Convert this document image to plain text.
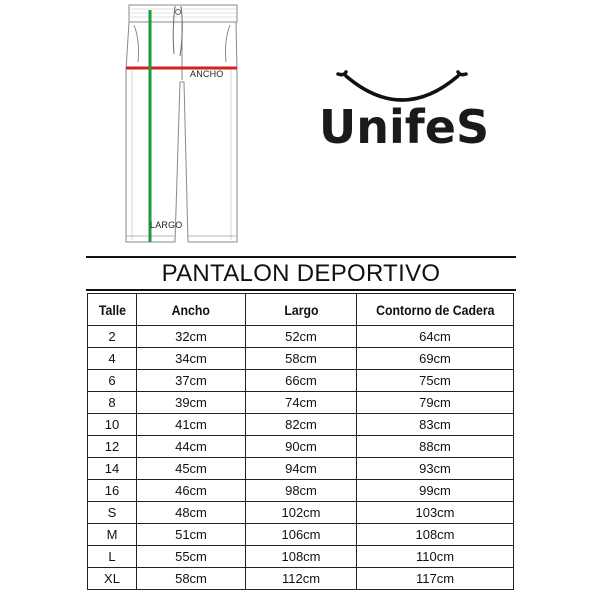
ANCHO
LARGO
UnifeS
PANTALON DEPORTIVO
Talle	Ancho	Largo	Contorno de Cadera
2	32cm	52cm	64cm
4	34cm	58cm	69cm
6	37cm	66cm	75cm
8	39cm	74cm	79cm
10	41cm	82cm	83cm
12	44cm	90cm	88cm
14	45cm	94cm	93cm
16	46cm	98cm	99cm
S	48cm	102cm	103cm
M	51cm	106cm	108cm
L	55cm	108cm	110cm
XL	58cm	112cm	117cm
